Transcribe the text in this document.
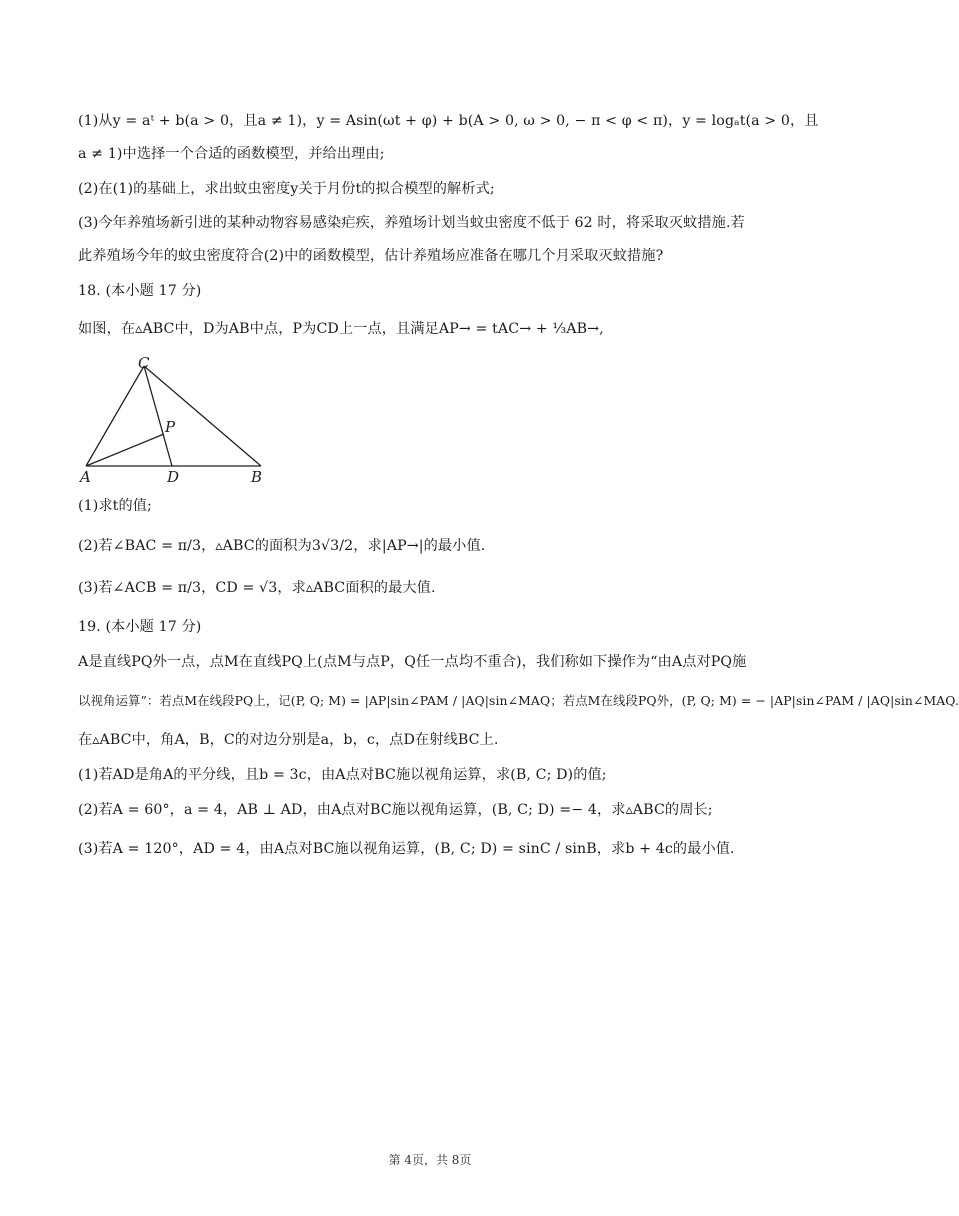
(1)从y = aᵗ + b(a > 0，且a ≠ 1)，y = Asin(ωt + φ) + b(A > 0, ω > 0, − π < φ < π)，y = logₐt(a > 0，且
a ≠ 1)中选择一个合适的函数模型，并给出理由;
(2)在(1)的基础上，求出蚊虫密度y关于月份t的拟合模型的解析式;
(3)今年养殖场新引进的某种动物容易感染疟疾，养殖场计划当蚊虫密度不低于 62 时，将采取灭蚊措施.若
此养殖场今年的蚊虫密度符合(2)中的函数模型，估计养殖场应准备在哪几个月采取灭蚊措施?
18. (本小题 17 分)
如图，在▵ABC中，D为AB中点，P为CD上一点，且满足AP→ = tAC→ + ⅓AB→,
C
P
A	D	B
(1)求t的值;
(2)若∠BAC = π/3，▵ABC的面积为3√3/2，求|AP→|的最小值.
(3)若∠ACB = π/3，CD = √3，求▵ABC面积的最大值.
19. (本小题 17 分)
A是直线PQ外一点，点M在直线PQ上(点M与点P，Q任一点均不重合)，我们称如下操作为“由A点对PQ施
以视角运算”：若点M在线段PQ上，记(P, Q; M) = |AP|sin∠PAM / |AQ|sin∠MAQ；若点M在线段PQ外，(P, Q; M) = − |AP|sin∠PAM / |AQ|sin∠MAQ.
在▵ABC中，角A，B，C的对边分别是a，b，c，点D在射线BC上.
(1)若AD是角A的平分线，且b = 3c，由A点对BC施以视角运算，求(B, C; D)的值;
(2)若A = 60°，a = 4，AB ⊥ AD，由A点对BC施以视角运算，(B, C; D) =− 4，求▵ABC的周长;
(3)若A = 120°，AD = 4，由A点对BC施以视角运算，(B, C; D) = sinC / sinB，求b + 4c的最小值.
第 4页，共 8页
